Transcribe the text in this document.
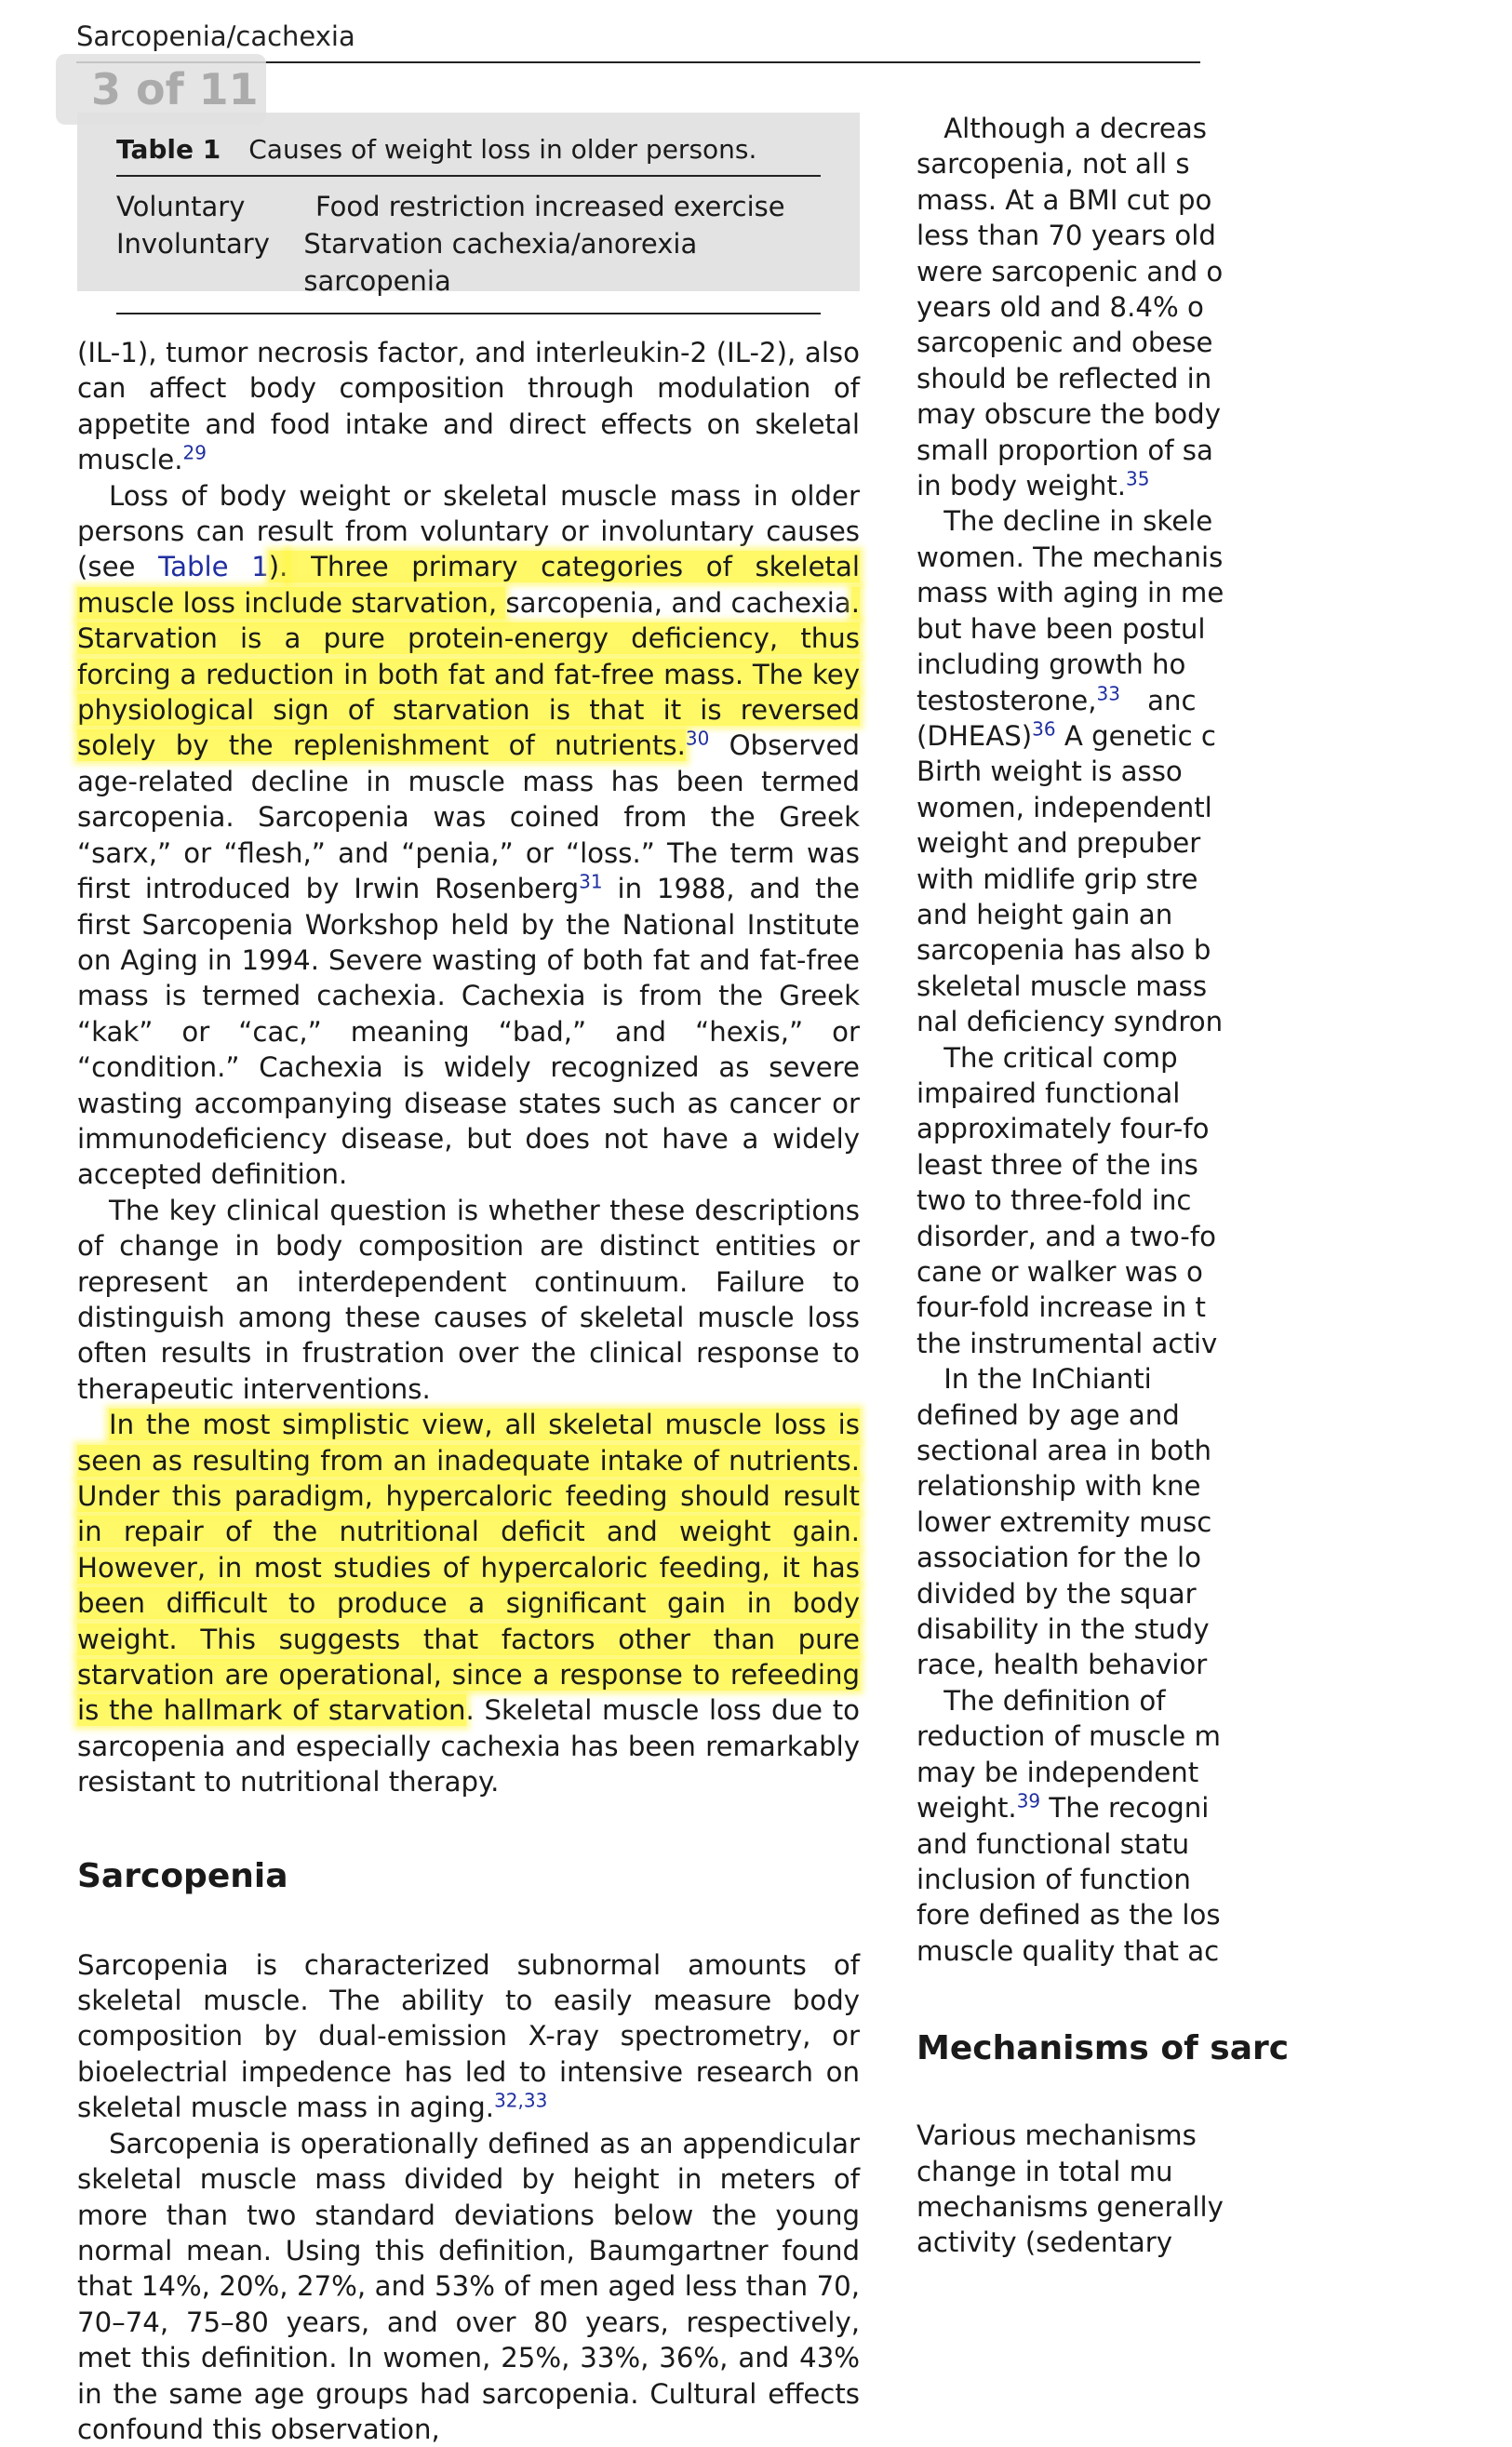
Sarcopenia/cachexia
Table 1 Causes of weight loss in older persons.
Voluntary	Food restriction increased exercise
Involuntary	Starvation cachexia/anorexia sarcopenia
3 of 11

(IL-1), tumor necrosis factor, and interleukin-2 (IL-2), also can affect body composition through modulation of appetite and food intake and direct effects on skeletal muscle.$^{29}$

Loss of body weight or skeletal muscle mass in older persons can result from voluntary or involuntary causes (see Table 1). Three primary categories of skeletal muscle loss include starvation, sarcopenia, and cachexia. Starvation is a pure protein-energy deficiency, thus forcing a reduction in both fat and fat-free mass. The key physiological sign of starvation is that it is reversed solely by the replenishment of nutrients.$^{30}$ Observed age-related decline in muscle mass has been termed sarcopenia. Sarcopenia was coined from the Greek “sarx,” or “flesh,” and “penia,” or “loss.” The term was first introduced by Irwin Rosenberg$^{31}$ in 1988, and the first Sarcopenia Workshop held by the National Institute on Aging in 1994. Severe wasting of both fat and fat-free mass is termed cachexia. Cachexia is from the Greek “kak” or “cac,” meaning “bad,” and “hexis,” or “condition.” Cachexia is widely recognized as severe wasting accompanying disease states such as cancer or immunodeficiency disease, but does not have a widely accepted definition.

The key clinical question is whether these descriptions of change in body composition are distinct entities or represent an interdependent continuum. Failure to distinguish among these causes of skeletal muscle loss often results in frustration over the clinical response to therapeutic interventions.

In the most simplistic view, all skeletal muscle loss is seen as resulting from an inadequate intake of nutrients. Under this paradigm, hypercaloric feeding should result in repair of the nutritional deficit and weight gain. However, in most studies of hypercaloric feeding, it has been difficult to produce a significant gain in body weight. This suggests that factors other than pure starvation are operational, since a response to refeeding is the hallmark of starvation. Skeletal muscle loss due to sarcopenia and especially cachexia has been remarkably resistant to nutritional therapy.

Sarcopenia

Sarcopenia is characterized subnormal amounts of skeletal muscle. The ability to easily measure body composition by dual-emission X-ray spectrometry, or bioelectrial impedence has led to intensive research on skeletal muscle mass in aging.$^{32,33}$

Sarcopenia is operationally defined as an appendicular skeletal muscle mass divided by height in meters of more than two standard deviations below the young normal mean. Using this definition, Baumgartner found that 14%, 20%, 27%, and 53% of men aged less than 70, 70–74, 75–80 years, and over 80 years, respectively, met this definition. In women, 25%, 33%, 36%, and 43% in the same age groups had sarcopenia. Cultural effects confound this observation,

 Although a decreas
sarcopenia, not all s
mass. At a BMI cut po
less than 70 years old
were sarcopenic and o
years old and 8.4% o
sarcopenic and obese
should be reflected in
may obscure the body
small proportion of sa
in body weight.$^{35}$
 The decline in skele
women. The mechanis
mass with aging in me
but have been postul
including growth ho
testosterone,$^{33}$  anc
(DHEAS)$^{36}$ A genetic c
Birth weight is asso
women, independentl
weight and prepuber
with midlife grip stre
and height gain an
sarcopenia has also b
skeletal muscle mass
nal deficiency syndron
 The critical comp
impaired functional
approximately four-fo
least three of the ins
two to three-fold inc
disorder, and a two-fo
cane or walker was o
four-fold increase in t
the instrumental activ
 In the InChianti
defined by age and
sectional area in both
relationship with kne
lower extremity musc
association for the lo
divided by the squar
disability in the study
race, health behavior
 The definition of
reduction of muscle m
may be independent
weight.$^{39}$ The recogni
and functional statu
inclusion of function
fore defined as the los
muscle quality that ac
Mechanisms of sarc
Various mechanisms
change in total mu
mechanisms generally
activity (sedentary
